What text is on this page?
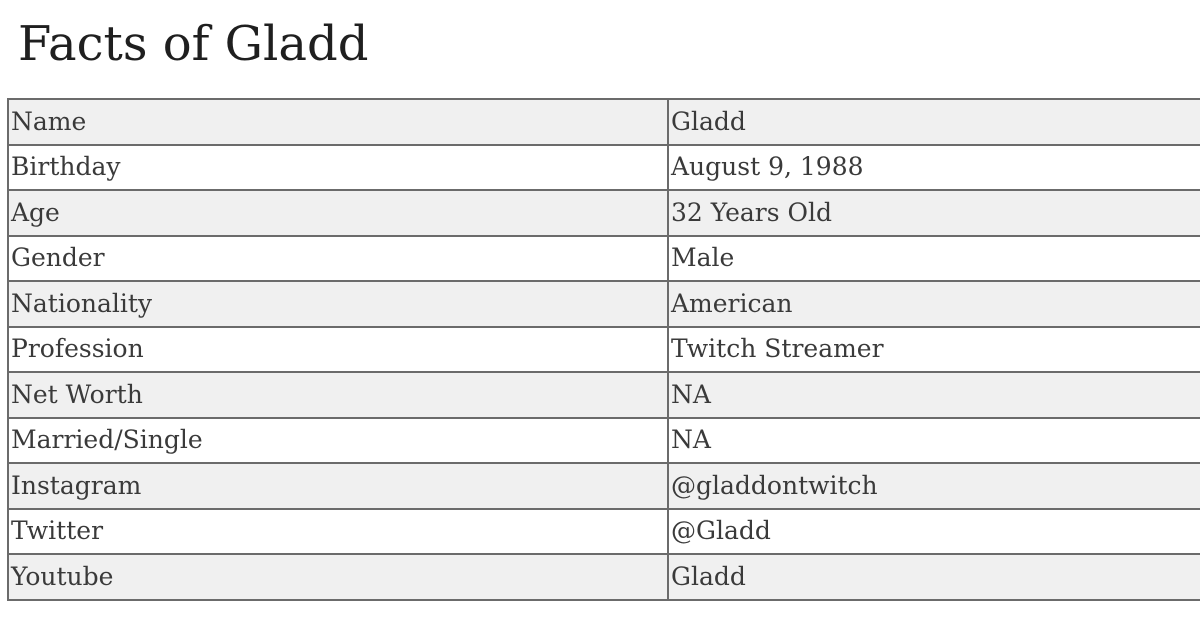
Facts of Gladd
Name	Gladd
Birthday	August 9, 1988
Age	32 Years Old
Gender	Male
Nationality	American
Profession	Twitch Streamer
Net Worth	NA
Married/Single	NA
Instagram	@gladdontwitch
Twitter	@Gladd
Youtube	Gladd
